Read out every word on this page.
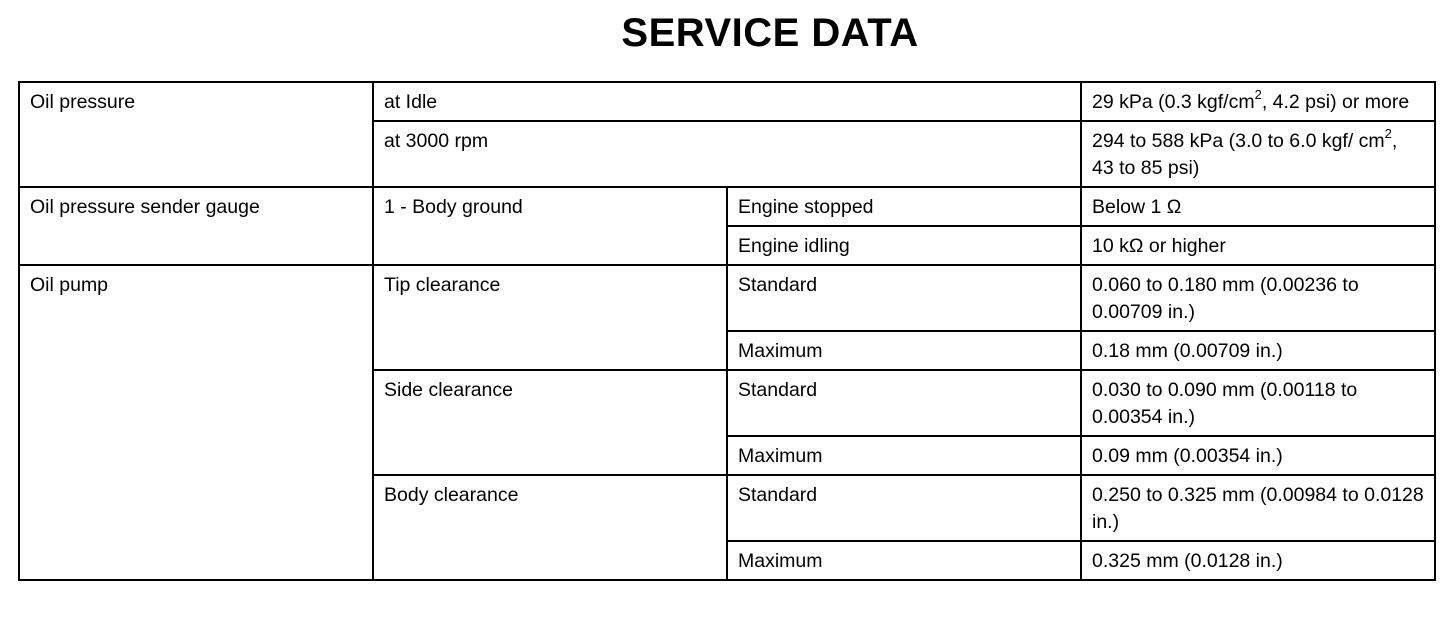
SERVICE DATA
Oil pressure	at Idle		29 kPa (0.3 kgf/$cm^2$, 4.2 psi) or more
	at 3000 rpm		294 to 588 kPa (3.0 to 6.0 kgf/ $cm^2$, 43 to 85 psi)
Oil pressure sender gauge	1 - Body ground	Engine stopped	Below 1 Ω
		Engine idling	10 kΩ or higher
Oil pump	Tip clearance	Standard	0.060 to 0.180 mm (0.00236 to 0.00709 in.)
		Maximum	0.18 mm (0.00709 in.)
	Side clearance	Standard	0.030 to 0.090 mm (0.00118 to 0.00354 in.)
		Maximum	0.09 mm (0.00354 in.)
	Body clearance	Standard	0.250 to 0.325 mm (0.00984 to 0.0128 in.)
		Maximum	0.325 mm (0.0128 in.)
